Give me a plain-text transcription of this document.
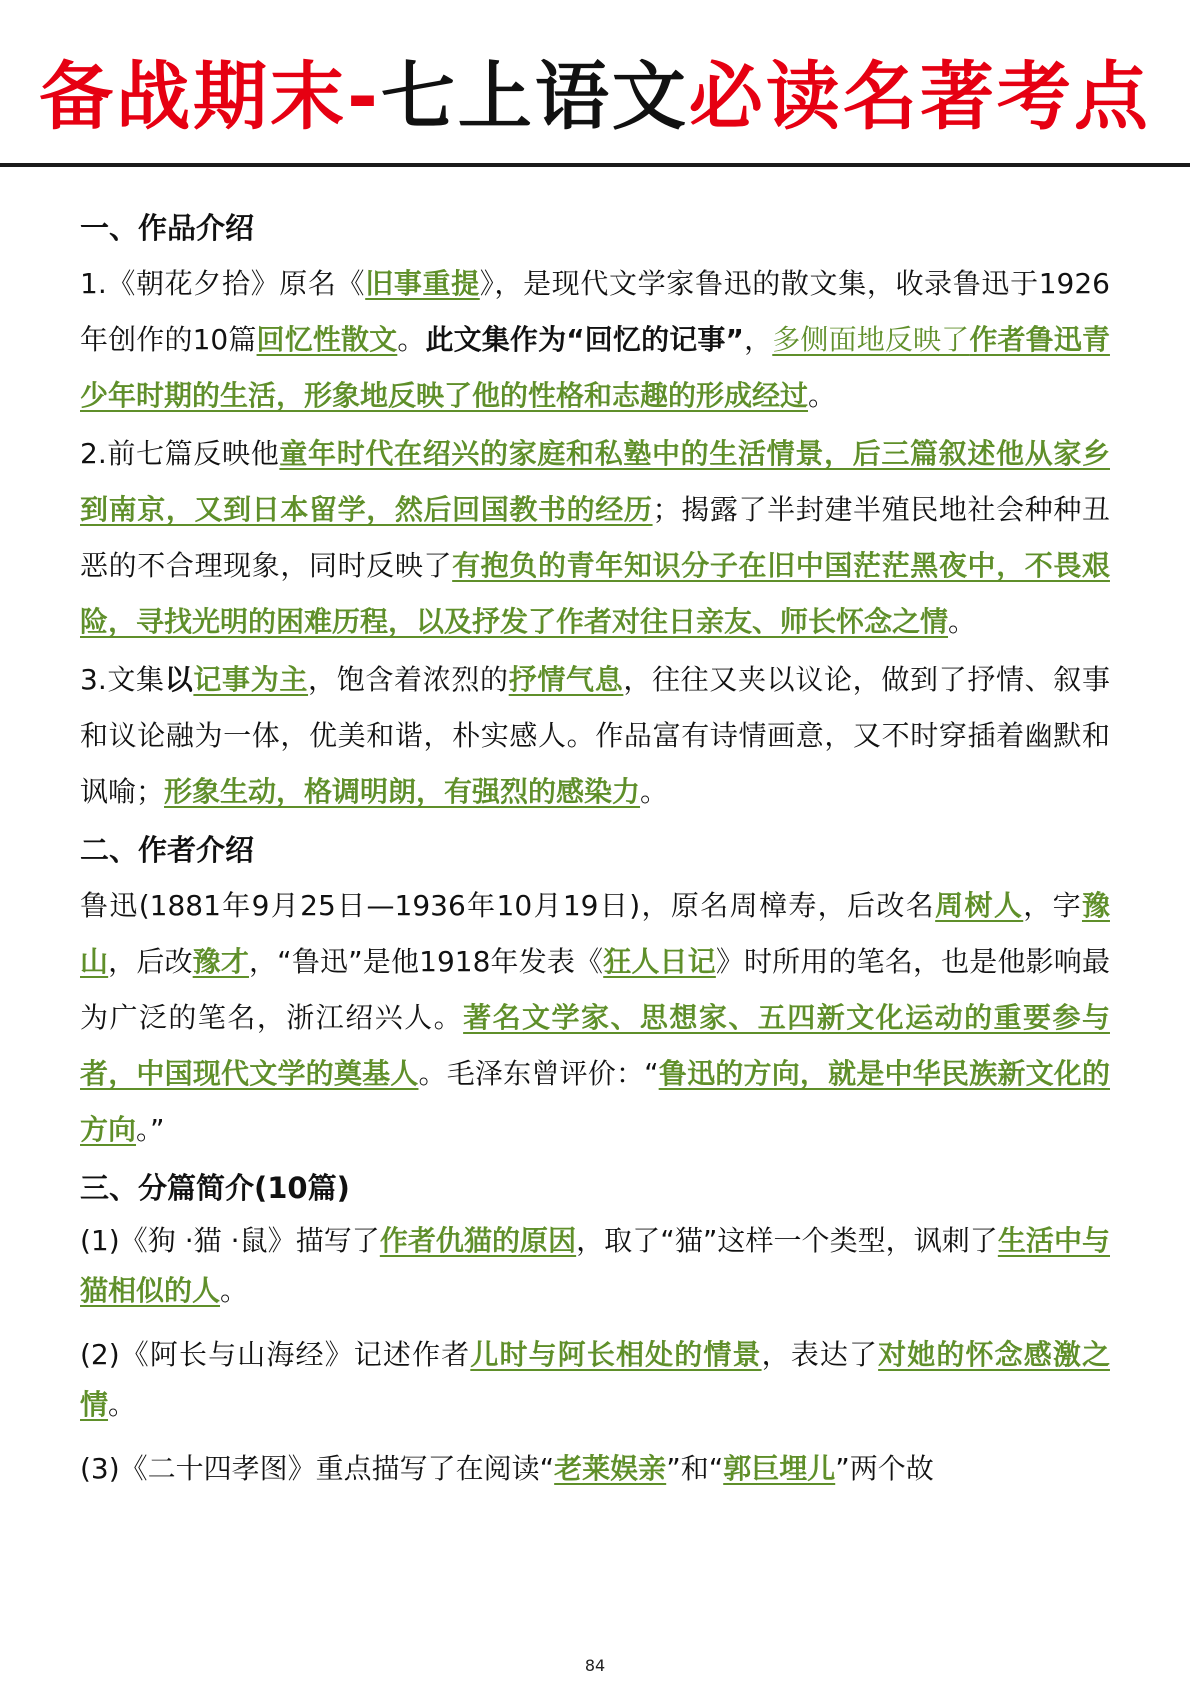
备战期末-七上语文必读名著考点
一、作品介绍

1.《朝花夕拾》原名《旧事重提》，是现代文学家鲁迅的散文集，收录鲁迅于1926年创作的10篇回忆性散文。此文集作为“回忆的记事”，多侧面地反映了作者鲁迅青少年时期的生活，形象地反映了他的性格和志趣的形成经过。

2.前七篇反映他童年时代在绍兴的家庭和私塾中的生活情景，后三篇叙述他从家乡到南京，又到日本留学，然后回国教书的经历；揭露了半封建半殖民地社会种种丑恶的不合理现象，同时反映了有抱负的青年知识分子在旧中国茫茫黑夜中，不畏艰险，寻找光明的困难历程，以及抒发了作者对往日亲友、师长怀念之情。

3.文集以记事为主，饱含着浓烈的抒情气息，往往又夹以议论，做到了抒情、叙事和议论融为一体，优美和谐，朴实感人。作品富有诗情画意，又不时穿插着幽默和讽喻；形象生动，格调明朗，有强烈的感染力。

二、作者介绍

鲁迅(1881年9月25日—1936年10月19日)，原名周樟寿，后改名周树人，字豫山，后改豫才，“鲁迅”是他1918年发表《狂人日记》时所用的笔名，也是他影响最为广泛的笔名，浙江绍兴人。著名文学家、思想家、五四新文化运动的重要参与者，中国现代文学的奠基人。毛泽东曾评价：“鲁迅的方向，就是中华民族新文化的方向。”

三、分篇简介(10篇)

(1)《狗 ·猫 ·鼠》描写了作者仇猫的原因，取了“猫”这样一个类型，讽刺了生活中与猫相似的人。

(2)《阿长与山海经》记述作者儿时与阿长相处的情景，表达了对她的怀念感激之情。

(3)《二十四孝图》重点描写了在阅读“老莱娱亲”和“郭巨埋儿”两个故

84
